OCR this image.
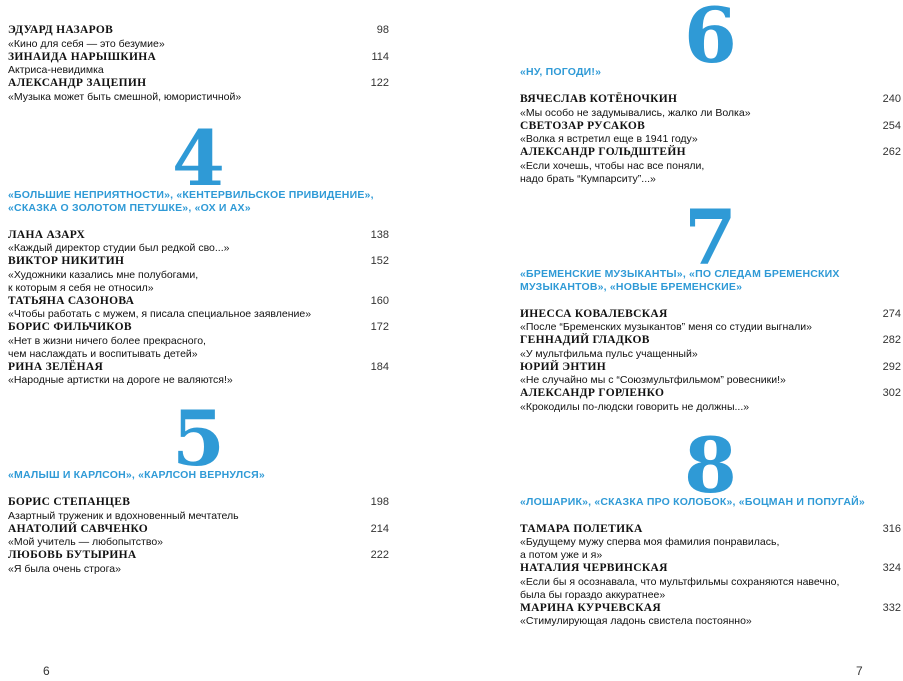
ЭДУАРД НАЗАРОВ	98
«Кино для себя — это безумие»
ЗИНАИДА НАРЫШКИНА	114
Актриса-невидимка
АЛЕКСАНДР ЗАЦЕПИН	122
«Музыка может быть смешной, юмористичной»
4
«БОЛЬШИЕ НЕПРИЯТНОСТИ», «КЕНТЕРВИЛЬСКОЕ ПРИВИДЕНИЕ»,
«СКАЗКА О ЗОЛОТОМ ПЕТУШКЕ», «ОХ И АХ»
ЛАНА АЗАРХ	138
«Каждый директор студии был редкой сво...»
ВИКТОР НИКИТИН	152
«Художники казались мне полубогами,
к которым я себя не относил»
ТАТЬЯНА САЗОНОВА	160
«Чтобы работать с мужем, я писала специальное заявление»
БОРИС ФИЛЬЧИКОВ	172
«Нет в жизни ничего более прекрасного,
чем наслаждать и воспитывать детей»
РИНА ЗЕЛЁНАЯ	184
«Народные артистки на дороге не валяются!»
5
«МАЛЫШ И КАРЛСОН», «КАРЛСОН ВЕРНУЛСЯ»
БОРИС СТЕПАНЦЕВ	198
Азартный труженик и вдохновенный мечтатель
АНАТОЛИЙ САВЧЕНКО	214
«Мой учитель — любопытство»
ЛЮБОВЬ БУТЫРИНА	222
«Я была очень строга»
6
6
«НУ, ПОГОДИ!»
ВЯЧЕСЛАВ КОТЁНОЧКИН	240
«Мы особо не задумывались, жалко ли Волка»
СВЕТОЗАР РУСАКОВ	254
«Волка я встретил еще в 1941 году»
АЛЕКСАНДР ГОЛЬДШТЕЙН	262
«Если хочешь, чтобы нас все поняли,
надо брать “Кумпарситу”...»
7
«БРЕМЕНСКИЕ МУЗЫКАНТЫ», «ПО СЛЕДАМ БРЕМЕНСКИХ
МУЗЫКАНТОВ», «НОВЫЕ БРЕМЕНСКИЕ»
ИНЕССА КОВАЛЕВСКАЯ	274
«После “Бременских музыкантов” меня со студии выгнали»
ГЕННАДИЙ ГЛАДКОВ	282
«У мультфильма пульс учащенный»
ЮРИЙ ЭНТИН	292
«Не случайно мы с “Союзмультфильмом” ровесники!»
АЛЕКСАНДР ГОРЛЕНКО	302
«Крокодилы по-людски говорить не должны...»
8
«ЛОШАРИК», «СКАЗКА ПРО КОЛОБОК», «БОЦМАН И ПОПУГАЙ»
ТАМАРА ПОЛЕТИКА	316
«Будущему мужу сперва моя фамилия понравилась,
а потом уже и я»
НАТАЛИЯ ЧЕРВИНСКАЯ	324
«Если бы я осознавала, что мультфильмы сохраняются навечно,
была бы гораздо аккуратнее»
МАРИНА КУРЧЕВСКАЯ	332
«Стимулирующая ладонь свистела постоянно»
7
